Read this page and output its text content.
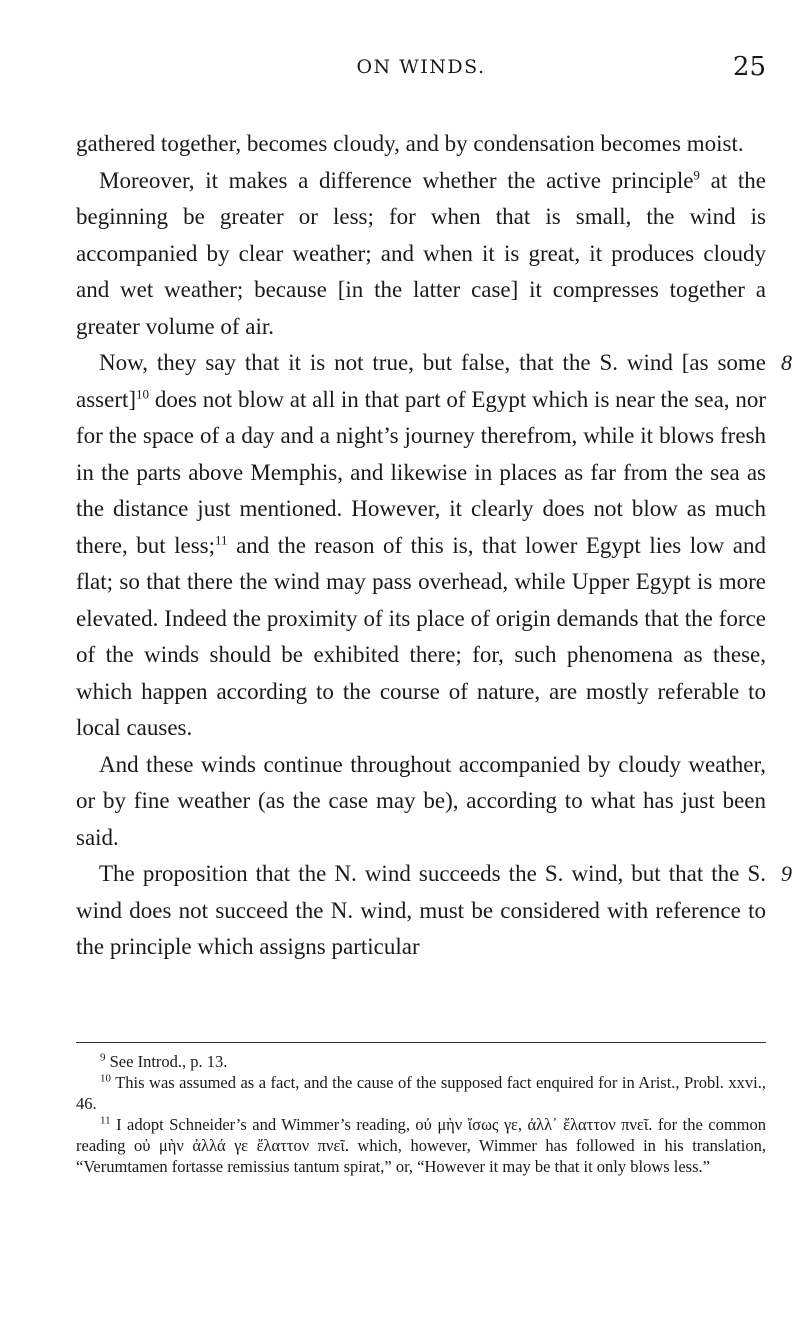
ON WINDS.	25

gathered together, becomes cloudy, and by condensation becomes moist.

Moreover, it makes a difference whether the active principle$^9$ at the beginning be greater or less; for when that is small, the wind is accompanied by clear weather; and when it is great, it produces cloudy and wet weather; because [in the latter case] it compresses together a greater volume of air.

8
Now, they say that it is not true, but false, that the S. wind [as some assert]$^{10}$ does not blow at all in that part of Egypt which is near the sea, nor for the space of a day and a night’s journey therefrom, while it blows fresh in the parts above Memphis, and likewise in places as far from the sea as the distance just mentioned. However, it clearly does not blow as much there, but less;$^{11}$ and the reason of this is, that lower Egypt lies low and flat; so that there the wind may pass overhead, while Upper Egypt is more elevated. Indeed the proximity of its place of origin demands that the force of the winds should be exhibited there; for, such phenomena as these, which happen according to the course of nature, are mostly referable to local causes.

And these winds continue throughout accompanied by cloudy weather, or by fine weather (as the case may be), according to what has just been said.

9
The proposition that the N. wind succeeds the S. wind, but that the S. wind does not succeed the N. wind, must be considered with reference to the principle which assigns particular

$^9$ See Introd., p. 13.

$^{10}$ This was assumed as a fact, and the cause of the supposed fact enquired for in Arist., Probl. xxvi., 46.

$^{11}$ I adopt Schneider’s and Wimmer’s reading, οὐ μὴν ἴσως γε, ἀλλ᾽ ἔλαττον πνεῖ. for the common reading οὐ μὴν ἀλλά γε ἔλαττον πνεῖ. which, however, Wimmer has followed in his translation, “Verumtamen fortasse remissius tantum spirat,” or, “However it may be that it only blows less.”
